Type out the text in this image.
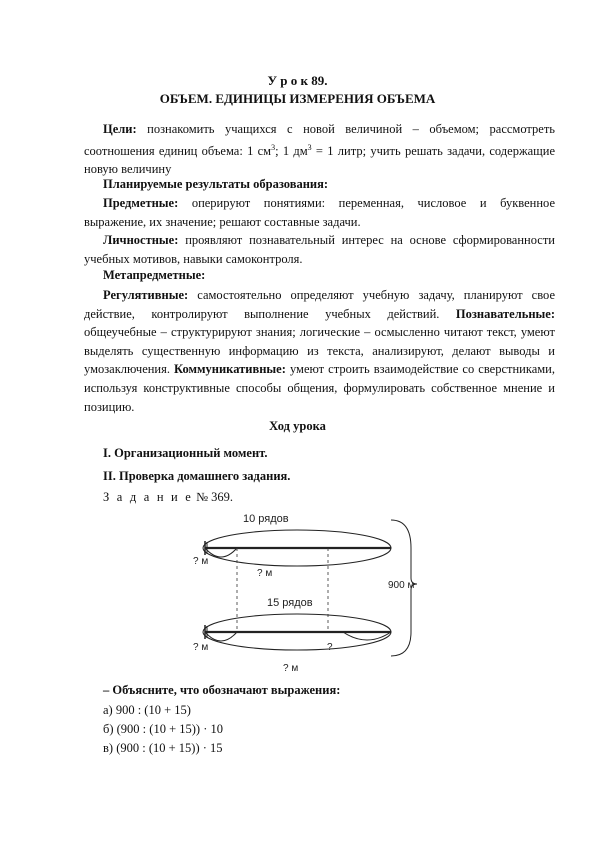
У р о к 89.
ОБЪЕМ. ЕДИНИЦЫ ИЗМЕРЕНИЯ ОБЪЕМА
Цели: познакомить учащихся с новой величиной – объемом; рассмотреть соотношения единиц объема: 1 $см^3$; 1 $дм^3 = 1$ литр; учить решать задачи, содержащие новую величину
Планируемые результаты образования:
Предметные: оперируют понятиями: переменная, числовое и буквенное выражение, их значение; решают составные задачи.
Личностные: проявляют познавательный интерес на основе сформированности учебных мотивов, навыки самоконтроля.
Метапредметные:
Регулятивные: самостоятельно определяют учебную задачу, планируют свое действие, контролируют выполнение учебных действий. Познавательные: общеучебные – структурируют знания; логические – осмысленно читают текст, умеют выделять существенную информацию из текста, анализируют, делают выводы и умозаключения. Коммуникативные: умеют строить взаимодействие со сверстниками, используя конструктивные способы общения, формулировать собственное мнение и позицию.
Ход урока
I. Организационный момент.
II. Проверка домашнего задания.
З а д а н и е № 369.
10 рядов
? м
? м
15 рядов
? м	?
? м
900 м
– Объясните, что обозначают выражения:
а) 900 : (10 + 15)
б) (900 : (10 + 15)) · 10
в) (900 : (10 + 15)) · 15
